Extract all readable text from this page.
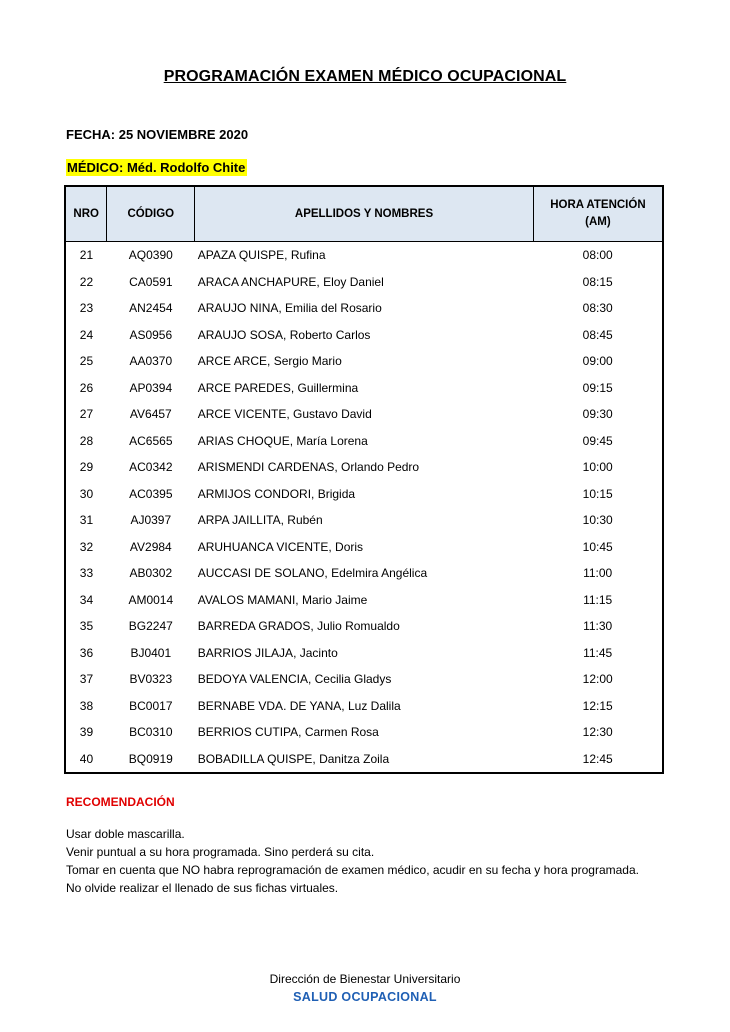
PROGRAMACIÓN EXAMEN MÉDICO OCUPACIONAL
FECHA: 25 NOVIEMBRE 2020
MÉDICO: Méd. Rodolfo Chite
NRO	CÓDIGO	APELLIDOS Y NOMBRES	HORA ATENCIÓN
(AM)
21	AQ0390	APAZA QUISPE, Rufina	08:00
22	CA0591	ARACA ANCHAPURE, Eloy Daniel	08:15
23	AN2454	ARAUJO NINA, Emilia del Rosario	08:30
24	AS0956	ARAUJO SOSA, Roberto Carlos	08:45
25	AA0370	ARCE ARCE, Sergio Mario	09:00
26	AP0394	ARCE PAREDES, Guillermina	09:15
27	AV6457	ARCE VICENTE, Gustavo David	09:30
28	AC6565	ARIAS CHOQUE, María Lorena	09:45
29	AC0342	ARISMENDI CARDENAS, Orlando Pedro	10:00
30	AC0395	ARMIJOS CONDORI, Brigida	10:15
31	AJ0397	ARPA JAILLITA, Rubén	10:30
32	AV2984	ARUHUANCA VICENTE, Doris	10:45
33	AB0302	AUCCASI DE SOLANO, Edelmira Angélica	11:00
34	AM0014	AVALOS MAMANI, Mario Jaime	11:15
35	BG2247	BARREDA GRADOS, Julio Romualdo	11:30
36	BJ0401	BARRIOS JILAJA, Jacinto	11:45
37	BV0323	BEDOYA VALENCIA, Cecilia Gladys	12:00
38	BC0017	BERNABE VDA. DE YANA, Luz Dalila	12:15
39	BC0310	BERRIOS CUTIPA, Carmen Rosa	12:30
40	BQ0919	BOBADILLA QUISPE, Danitza Zoila	12:45
RECOMENDACIÓN
Usar doble mascarilla.
Venir puntual a su hora programada. Sino perderá su cita.
Tomar en cuenta que NO habra reprogramación de examen médico, acudir en su fecha y hora programada.
No olvide realizar el llenado de sus fichas virtuales.
Dirección de Bienestar Universitario
SALUD OCUPACIONAL
